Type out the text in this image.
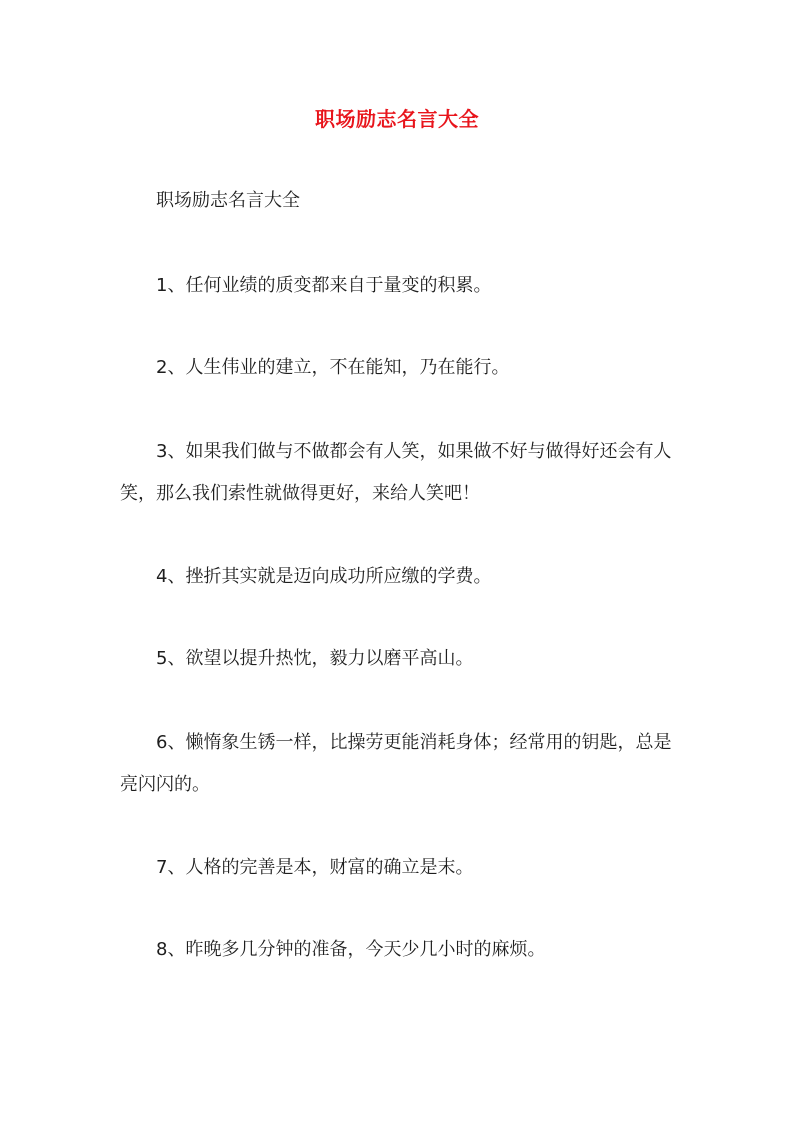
职场励志名言大全

职场励志名言大全

1、任何业绩的质变都来自于量变的积累。

2、人生伟业的建立，不在能知，乃在能行。

3、如果我们做与不做都会有人笑，如果做不好与做得好还会有人笑，那么我们索性就做得更好，来给人笑吧！

4、挫折其实就是迈向成功所应缴的学费。

5、欲望以提升热忱，毅力以磨平高山。

6、懒惰象生锈一样，比操劳更能消耗身体；经常用的钥匙，总是亮闪闪的。

7、人格的完善是本，财富的确立是末。

8、昨晚多几分钟的准备，今天少几小时的麻烦。
